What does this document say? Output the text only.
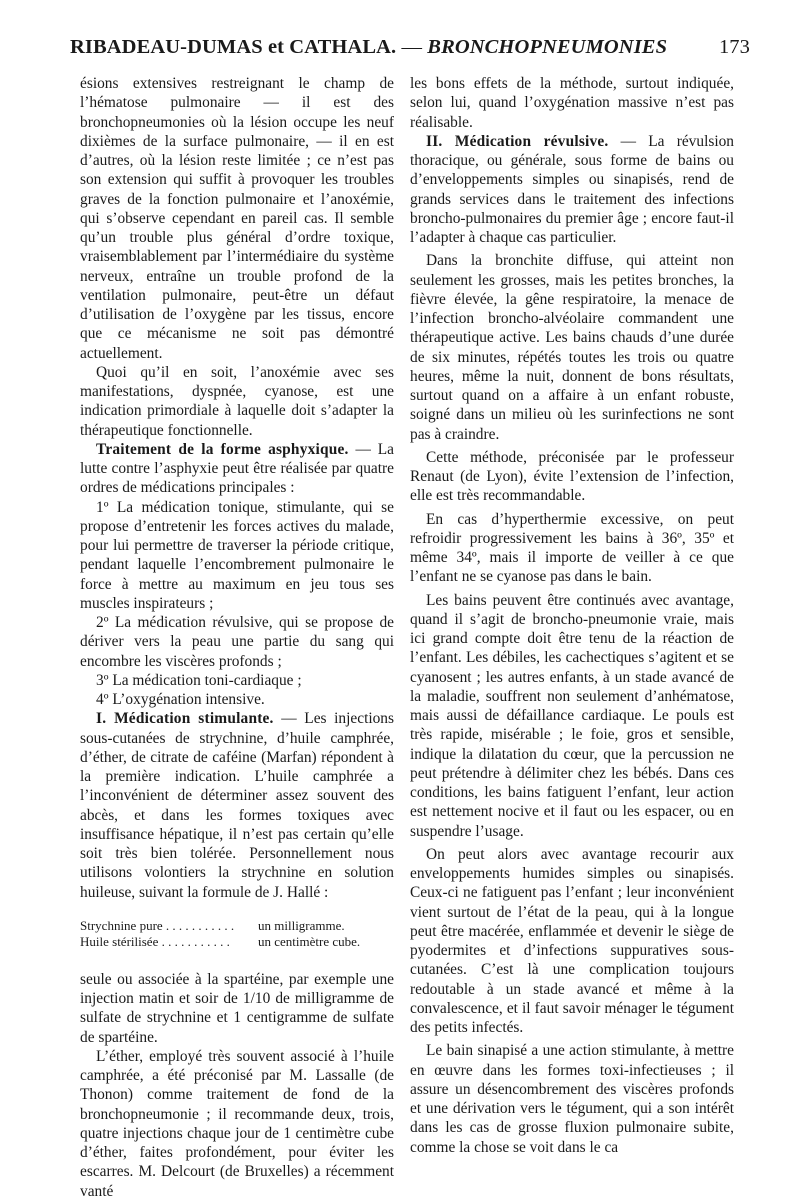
RIBADEAU-DUMAS et CATHALA. — BRONCHOPNEUMONIES	173

ésions extensives restreignant le champ de l’hématose pulmonaire — il est des bronchopneumonies où la lésion occupe les neuf dixièmes de la surface pulmonaire, — il en est d’autres, où la lésion reste limitée ; ce n’est pas son extension qui suffit à provoquer les troubles graves de la fonction pulmonaire et l’anoxémie, qui s’observe cependant en pareil cas. Il semble qu’un trouble plus général d’ordre toxique, vraisemblablement par l’intermédiaire du système nerveux, entraîne un trouble profond de la ventilation pulmonaire, peut-être un défaut d’utilisation de l’oxygène par les tissus, encore que ce mécanisme ne soit pas démontré actuellement.

Quoi qu’il en soit, l’anoxémie avec ses manifestations, dyspnée, cyanose, est une indication primordiale à laquelle doit s’adapter la thérapeutique fonctionnelle.

Traitement de la forme asphyxique. — La lutte contre l’asphyxie peut être réalisée par quatre ordres de médications principales :

1º La médication tonique, stimulante, qui se propose d’entretenir les forces actives du malade, pour lui permettre de traverser la période critique, pendant laquelle l’encombrement pulmonaire le force à mettre au maximum en jeu tous ses muscles inspirateurs ;

2º La médication révulsive, qui se propose de dériver vers la peau une partie du sang qui encombre les viscères profonds ;

3º La médication toni-cardiaque ;

4º L’oxygénation intensive.

I. Médication stimulante. — Les injections sous-cutanées de strychnine, d’huile camphrée, d’éther, de citrate de caféine (Marfan) répondent à la première indication. L’huile camphrée a l’inconvénient de déterminer assez souvent des abcès, et dans les formes toxiques avec insuffisance hépatique, il n’est pas certain qu’elle soit très bien tolérée. Personnellement nous utilisons volontiers la strychnine en solution huileuse, suivant la formule de J. Hallé :

Strychnine pure . . . . . . . . . . .	un milligramme.
Huile stérilisée . . . . . . . . . . .	un centimètre cube.

seule ou associée à la spartéine, par exemple une injection matin et soir de 1/10 de milligramme de sulfate de strychnine et 1 centigramme de sulfate de spartéine.

L’éther, employé très souvent associé à l’huile camphrée, a été préconisé par M. Lassalle (de Thonon) comme traitement de fond de la bronchopneumonie ; il recommande deux, trois, quatre injections chaque jour de 1 centimètre cube d’éther, faites profondément, pour éviter les escarres. M. Delcourt (de Bruxelles) a récemment vanté

les bons effets de la méthode, surtout indiquée, selon lui, quand l’oxygénation massive n’est pas réalisable.

II. Médication révulsive. — La révulsion thoracique, ou générale, sous forme de bains ou d’enveloppements simples ou sinapisés, rend de grands services dans le traitement des infections broncho-pulmonaires du premier âge ; encore faut-il l’adapter à chaque cas particulier.

Dans la bronchite diffuse, qui atteint non seulement les grosses, mais les petites bronches, la fièvre élevée, la gêne respiratoire, la menace de l’infection broncho-alvéolaire commandent une thérapeutique active. Les bains chauds d’une durée de six minutes, répétés toutes les trois ou quatre heures, même la nuit, donnent de bons résultats, surtout quand on a affaire à un enfant robuste, soigné dans un milieu où les surinfections ne sont pas à craindre.

Cette méthode, préconisée par le professeur Renaut (de Lyon), évite l’extension de l’infection, elle est très recommandable.

En cas d’hyperthermie excessive, on peut refroidir progressivement les bains à 36º, 35º et même 34º, mais il importe de veiller à ce que l’enfant ne se cyanose pas dans le bain.

Les bains peuvent être continués avec avantage, quand il s’agit de broncho-pneumonie vraie, mais ici grand compte doit être tenu de la réaction de l’enfant. Les débiles, les cachectiques s’agitent et se cyanosent ; les autres enfants, à un stade avancé de la maladie, souffrent non seulement d’anhématose, mais aussi de défaillance cardiaque. Le pouls est très rapide, misérable ; le foie, gros et sensible, indique la dilatation du cœur, que la percussion ne peut prétendre à délimiter chez les bébés. Dans ces conditions, les bains fatiguent l’enfant, leur action est nettement nocive et il faut ou les espacer, ou en suspendre l’usage.

On peut alors avec avantage recourir aux enveloppements humides simples ou sinapisés. Ceux-ci ne fatiguent pas l’enfant ; leur inconvénient vient surtout de l’état de la peau, qui à la longue peut être macérée, enflammée et devenir le siège de pyodermites et d’infections suppuratives sous-cutanées. C’est là une complication toujours redoutable à un stade avancé et même à la convalescence, et il faut savoir ménager le tégument des petits infectés.

Le bain sinapisé a une action stimulante, à mettre en œuvre dans les formes toxi-infectieuses ; il assure un désencombrement des viscères profonds et une dérivation vers le tégument, qui a son intérêt dans les cas de grosse fluxion pulmonaire subite, comme la chose se voit dans le ca
